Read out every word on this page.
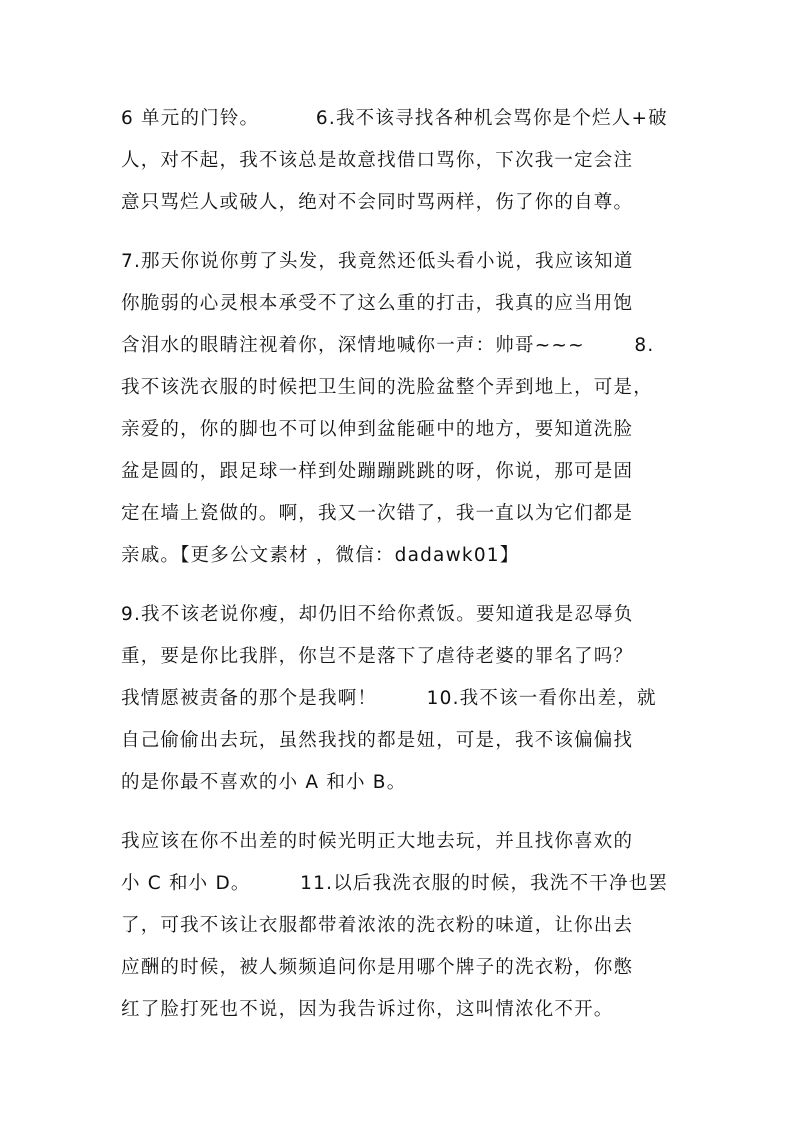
6 单元的门铃。        6.我不该寻找各种机会骂你是个烂人+破
人，对不起，我不该总是故意找借口骂你，下次我一定会注
意只骂烂人或破人，绝对不会同时骂两样，伤了你的自尊。

7.那天你说你剪了头发，我竟然还低头看小说，我应该知道
你脆弱的心灵根本承受不了这么重的打击，我真的应当用饱
含泪水的眼睛注视着你，深情地喊你一声：帅哥~~~       8.
我不该洗衣服的时候把卫生间的洗脸盆整个弄到地上，可是，
亲爱的，你的脚也不可以伸到盆能砸中的地方，要知道洗脸
盆是圆的，跟足球一样到处蹦蹦跳跳的呀，你说，那可是固
定在墙上瓷做的。啊，我又一次错了，我一直以为它们都是
亲戚。【更多公文素材 ，微信：dadawk01】

9.我不该老说你瘦，却仍旧不给你煮饭。要知道我是忍辱负
重，要是你比我胖，你岂不是落下了虐待老婆的罪名了吗？
我情愿被责备的那个是我啊！       10.我不该一看你出差，就
自己偷偷出去玩，虽然我找的都是妞，可是，我不该偏偏找
的是你最不喜欢的小 A 和小 B。

我应该在你不出差的时候光明正大地去玩，并且找你喜欢的
小 C 和小 D。       11.以后我洗衣服的时候，我洗不干净也罢
了，可我不该让衣服都带着浓浓的洗衣粉的味道，让你出去
应酬的时候，被人频频追问你是用哪个牌子的洗衣粉，你憋
红了脸打死也不说，因为我告诉过你，这叫情浓化不开。
